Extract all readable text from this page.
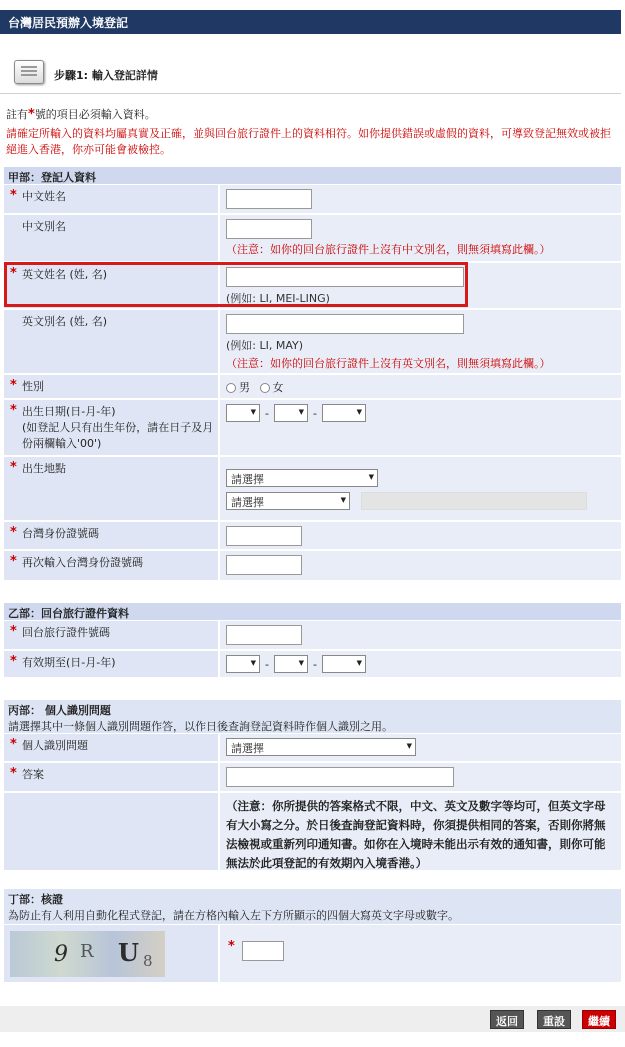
台灣居民預辦入境登記
步驟1: 輸入登記詳情
註有*號的項目必須輸入資料。
請確定所輸入的資料均屬真實及正確，並與回台旅行證件上的資料相符。如你提供錯誤或虛假的資料，可導致登記無效或被拒絕進入香港，你亦可能會被檢控。
甲部：登記人資料
* 中文姓名
中文別名
（注意：如你的回台旅行證件上沒有中文別名，則無須填寫此欄。）
* 英文姓名 (姓, 名)
(例如: LI, MEI-LING)
英文別名 (姓, 名)
(例如: LI, MAY)
（注意：如你的回台旅行證件上沒有英文別名，則無須填寫此欄。）
* 性別	男 女
* 出生日期(日-月-年)
(如登記人只有出生年份，請在日子及月份兩欄輸入'00')
▼- ▼	-▼
* 出生地點
請選擇 ▼
請選擇 ▼
* 台灣身份證號碼
* 再次輸入台灣身份證號碼
乙部：回台旅行證件資料
* 回台旅行證件號碼
* 有效期至(日-月-年) ▼	- ▼	-▼
丙部： 個人識別問題
請選擇其中一條個人識別問題作答，以作日後查詢登記資料時作個人識別之用。
* 個人識別問題	請選擇 ▼
* 答案
（注意：你所提供的答案格式不限，中文、英文及數字等均可，但英文字母有大小寫之分。於日後查詢登記資料時，你須提供相同的答案，否則你將無法檢視或重新列印通知書。如你在入境時未能出示有效的通知書，則你可能無法於此項登記的有效期內入境香港。）
丁部：核證
為防止有人利用自動化程式登記，請在方格內輸入左下方所顯示的四個大寫英文字母或數字。
9 R U 8
*
返回	重設	繼續
